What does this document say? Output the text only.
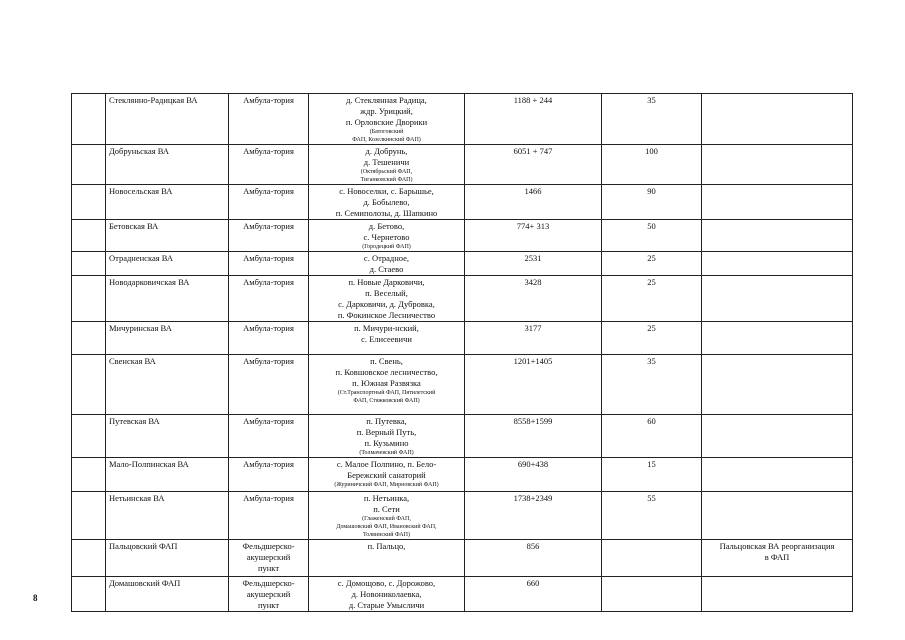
	Стеклянно-Радицкая ВА	Амбула-тория	д. Стеклянная Радица,
ждр. Урицкий,
п. Орловские Дворики
(Батоговский
ФАП, Козелкинский ФАП)	1188 + 244	35	
	Добруньская ВА	Амбула-тория	д. Добрунь,
д. Тешеничи
(Октябрьский ФАП,
Тиганковский ФАП)	6051 + 747	100	
	Новосельская ВА	Амбула-тория	с. Новоселки, с. Барышье,
д. Бобылево,
п. Семиполозы, д. Шапкино	1466	90	
	Бетовская ВА	Амбула-тория	д. Бетово,
с. Чернетово
(Городецкий ФАП)	774+ 313	50	
	Отрадненская ВА	Амбула-тория	с. Отрадное,
д. Стаево	2531	25	
	Новодарковичская ВА	Амбула-тория	п. Новые Дарковичи,
п. Веселый,
с. Дарковичи, д. Дубровка,
п. Фокинское Лесничество	3428	25	
	Мичуринская ВА	Амбула-тория	п. Мичури-нский,
с. Елисеевичи	3177	25	
	Свенская ВА	Амбула-тория	п. Свень,
п. Ковшовское лесничество,
п. Южная Развязка
(Ст.Транспортный ФАП, Пятилетский
ФАП, Стяжковский ФАП)	1201+1405	35	
	Путевская ВА	Амбула-тория	п. Путевка,
п. Верный Путь,
п. Кузьмино
(Толмачевский ФАП)	8558+1599	60	
	Мало-Полпинская ВА	Амбула-тория	с. Малое Полпино, п. Бело-
Бережский санаторий
(Журиничский ФАП, Мирновский ФАП)	690+438	15	
	Нетьинская ВА	Амбула-тория	п. Нетьинка,
п. Сети
(Глаженский ФАП,
Домашовский ФАП, Ивановский ФАП,
Толвинский ФАП)	1738+2349	55	
	Пальцовский ФАП	Фельдшерско-
акушерский
пункт	п. Пальцо,	856		Пальцовская ВА реорганизация
в ФАП

	Домашовский ФАП	Фельдшерско-
акушерский
пункт	с. Домощово, с. Дорожово,
д. Новониколаевка,
д. Старые Умысличи	660		
8
